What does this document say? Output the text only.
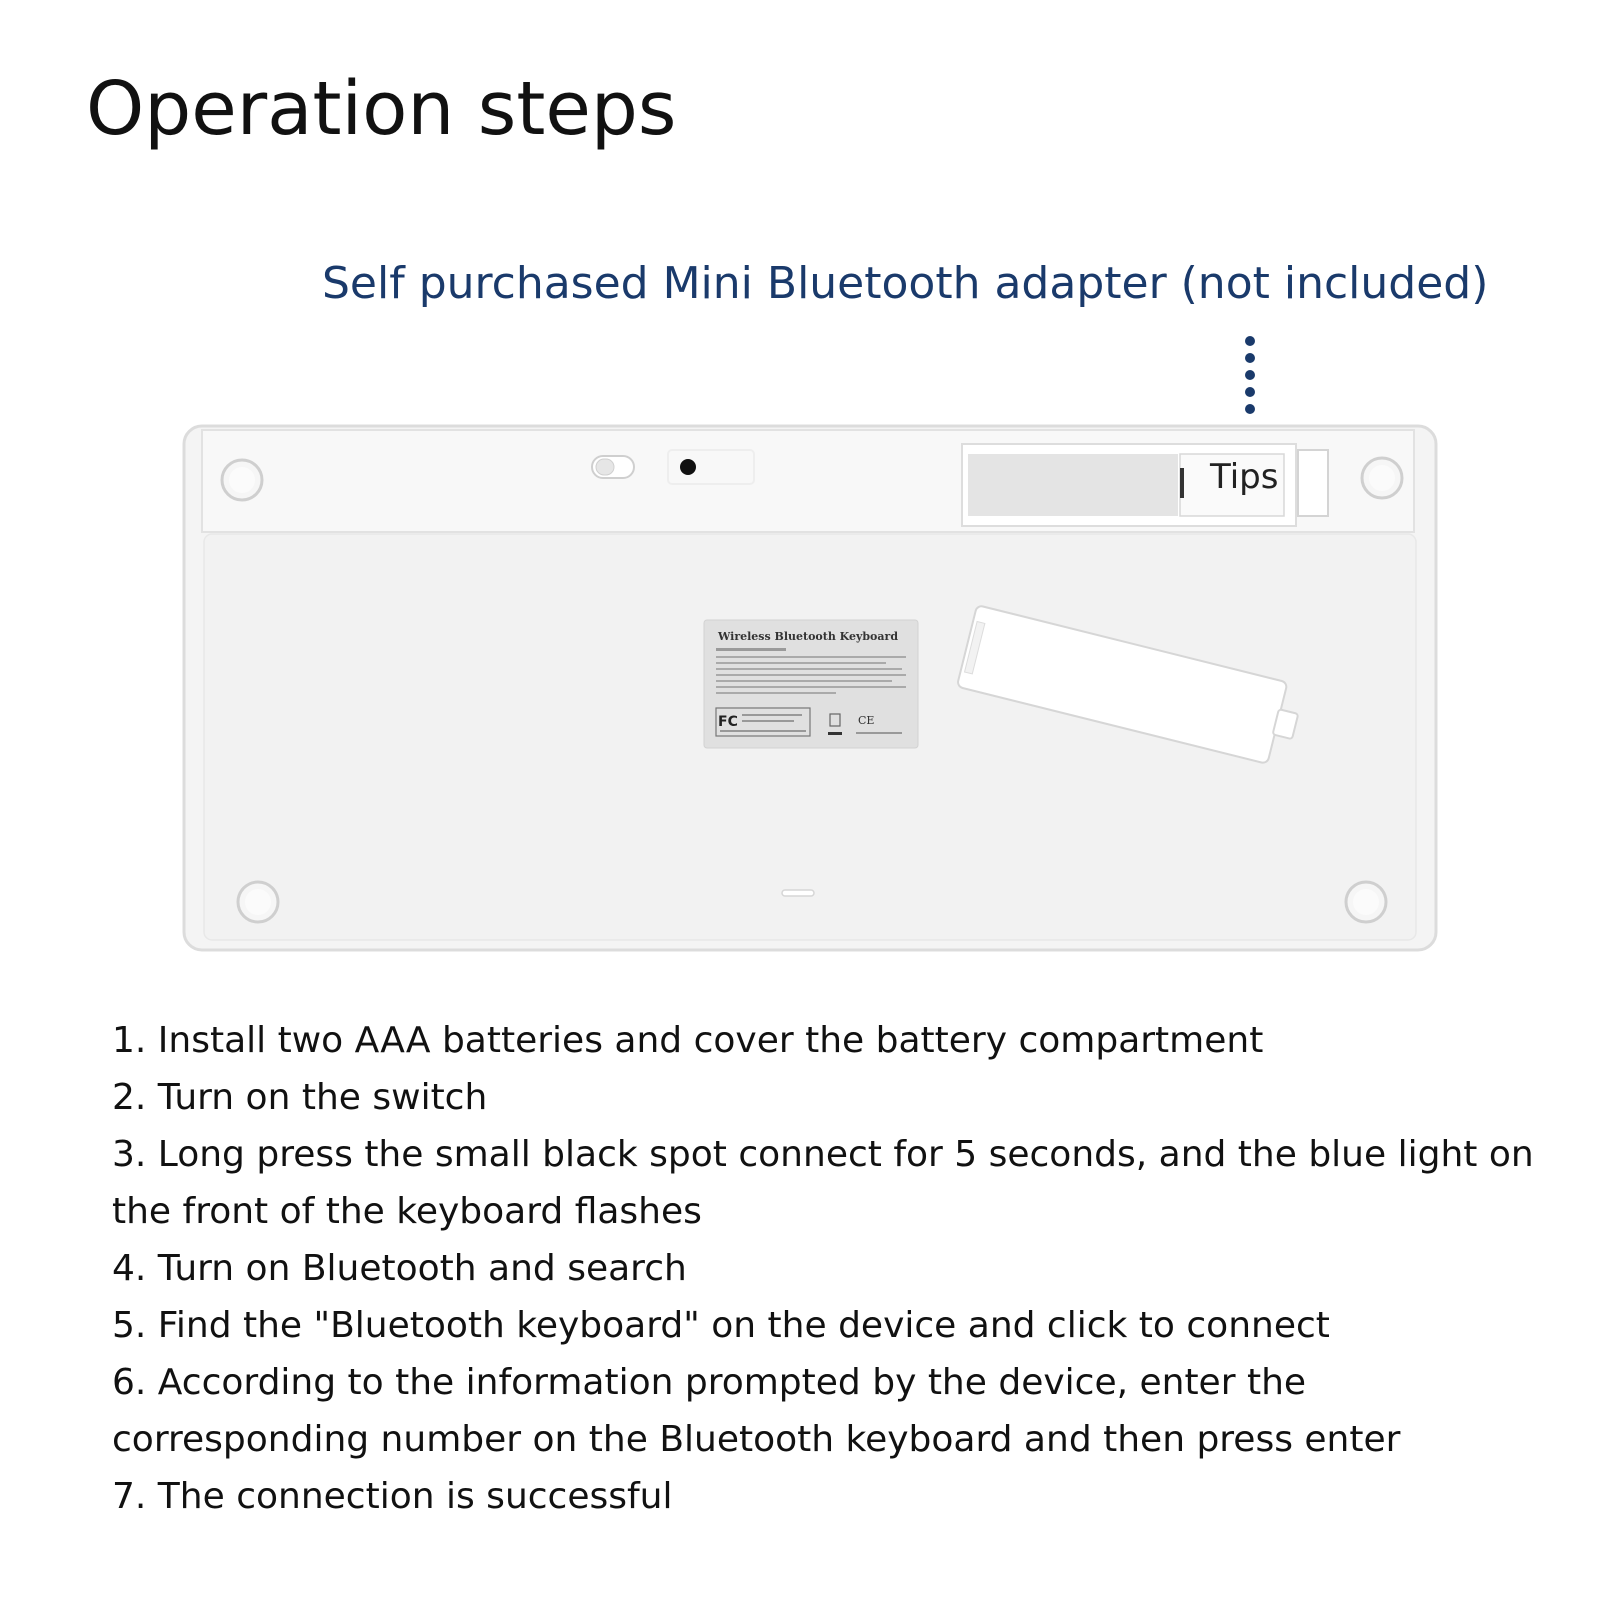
Operation steps
Self purchased Mini Bluetooth adapter (not included)
Tips
Wireless Bluetooth Keyboard
FC	CE
1. Install two AAA batteries and cover the battery compartment
2. Turn on the switch
3. Long press the small black spot connect for 5 seconds, and the blue light on the front of the keyboard flashes
4. Turn on Bluetooth and search
5. Find the "Bluetooth keyboard" on the device and click to connect
6. According to the information prompted by the device, enter the corresponding number on the Bluetooth keyboard and then press enter
7. The connection is successful
